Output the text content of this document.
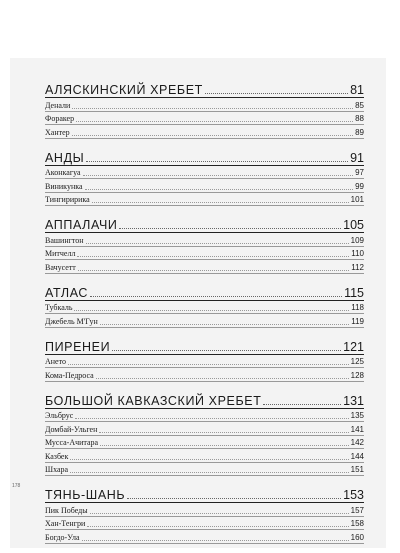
АЛЯСКИНСКИЙ ХРЕБЕТ	81
Денали	85
Форакер	88
Хантер	89
АНДЫ	91
Аконкагуа	97
Виникунка	99
Тингиририка	101
АППАЛАЧИ	105
Вашингтон	109
Митчелл	110
Вачусетт	112
АТЛАС	115
Тубкаль	118
Джебель М'Гун	119
ПИРЕНЕИ	121
Ането	125
Кома-Педроса	128
БОЛЬШОЙ КАВКАЗСКИЙ ХРЕБЕТ	131
Эльбрус	135
Домбай-Ульген	141
Мусса-Ачитара	142
Казбек	144
Шхара	151
ТЯНЬ-ШАНЬ	153
Пик Победы	157
Хан-Тенгри	158
Богдо-Ула	160
178
